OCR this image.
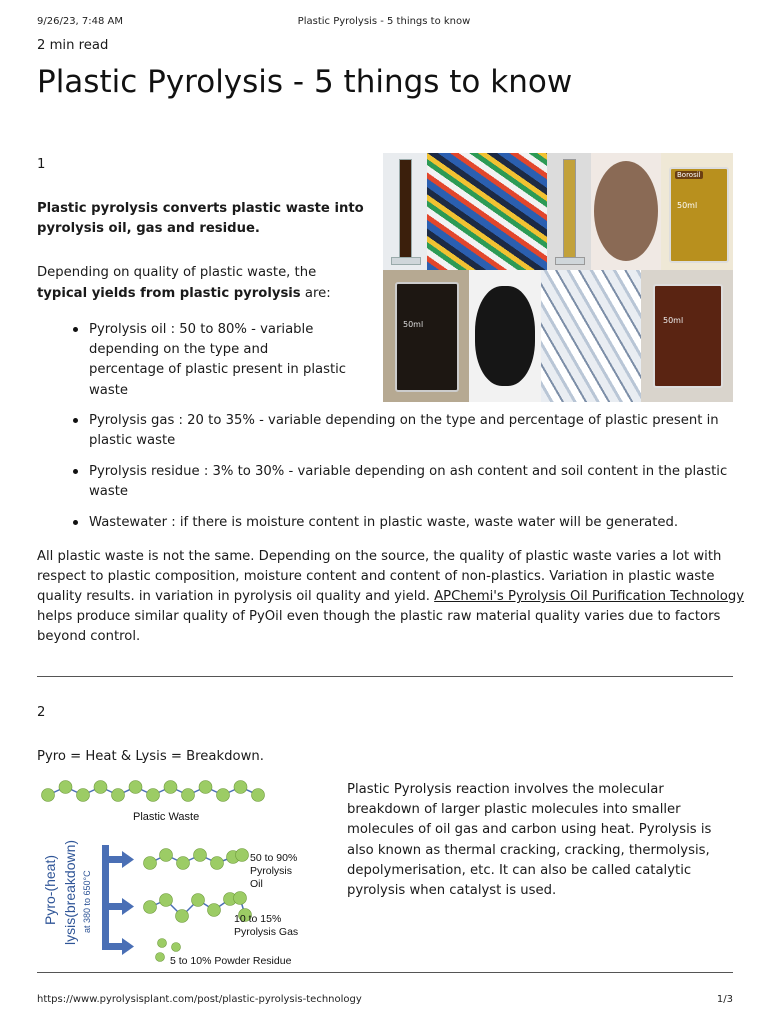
9/26/23, 7:48 AM	Plastic Pyrolysis - 5 things to know
2 min read
Plastic Pyrolysis - 5 things to know
1
Plastic pyrolysis converts plastic waste into
pyrolysis oil, gas and residue.
Depending on quality of plastic waste, the
typical yields from plastic pyrolysis are:
Pyrolysis oil : 50 to 80% - variable
depending on the type and
percentage of plastic present in plastic
waste
Pyrolysis gas : 20 to 35% - variable depending on the type and percentage of plastic present in
plastic waste
Pyrolysis residue : 3% to 30% - variable depending on ash content and soil content in the plastic
waste
Wastewater : if there is moisture content in plastic waste, waste water will be generated.
All plastic waste is not the same. Depending on the source, the quality of plastic waste varies a lot with
respect to plastic composition, moisture content and content of non-plastics. Variation in plastic waste
quality results. in variation in pyrolysis oil quality and yield. APChemi's Pyrolysis Oil Purification Technology
helps produce similar quality of PyOil even though the plastic raw material quality varies due to factors
beyond control.
Borosil
50ml
50ml	50ml
2
Pyro = Heat & Lysis = Breakdown.
Plastic Pyrolysis reaction involves the molecular
breakdown of larger plastic molecules into smaller
molecules of oil gas and carbon using heat. Pyrolysis is
also known as thermal cracking, cracking, thermolysis,
depolymerisation, etc. It can also be called catalytic
pyrolysis when catalyst is used.
Plastic Waste
Pyro-(heat) lysis(breakdown) at 380 to 650°C
50 to 90%
Pyrolysis
Oil
10 to 15%
Pyrolysis Gas
5 to 10% Powder Residue
https://www.pyrolysisplant.com/post/plastic-pyrolysis-technology	1/3
